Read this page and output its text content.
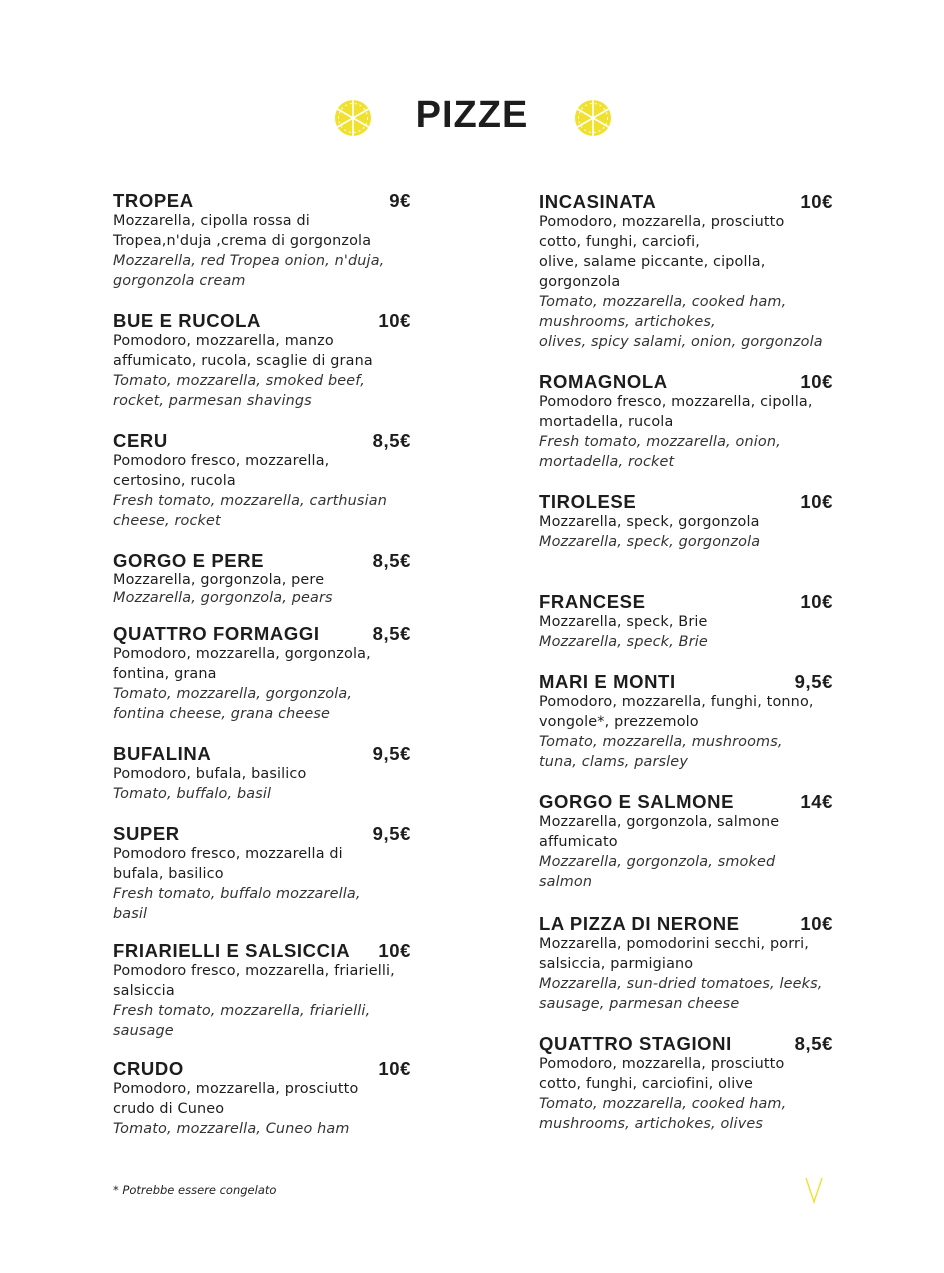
PIZZE
TROPEA	9€
Mozzarella, cipolla rossa di
Tropea,n'duja ,crema di gorgonzola
Mozzarella, red Tropea onion, n'duja,
gorgonzola cream
BUE E RUCOLA	10€
Pomodoro, mozzarella, manzo
affumicato, rucola, scaglie di grana
Tomato, mozzarella, smoked beef,
rocket, parmesan shavings
CERU	8,5€
Pomodoro fresco, mozzarella,
certosino, rucola
Fresh tomato, mozzarella, carthusian
cheese, rocket
GORGO E PERE	8,5€
Mozzarella, gorgonzola, pere
Mozzarella, gorgonzola, pears
QUATTRO FORMAGGI	8,5€
Pomodoro, mozzarella, gorgonzola,
fontina, grana
Tomato, mozzarella, gorgonzola,
fontina cheese, grana cheese
BUFALINA	9,5€
Pomodoro, bufala, basilico
Tomato, buffalo, basil
SUPER	9,5€
Pomodoro fresco, mozzarella di
bufala, basilico
Fresh tomato, buffalo mozzarella,
basil
FRIARIELLI E SALSICCIA 10€
Pomodoro fresco, mozzarella, friarielli,
salsiccia
Fresh tomato, mozzarella, friarielli,
sausage
CRUDO	10€
Pomodoro, mozzarella, prosciutto
crudo di Cuneo
Tomato, mozzarella, Cuneo ham
INCASINATA	10€
Pomodoro, mozzarella, prosciutto
cotto, funghi, carciofi,
olive, salame piccante, cipolla,
gorgonzola
Tomato, mozzarella, cooked ham,
mushrooms, artichokes,
olives, spicy salami, onion, gorgonzola
ROMAGNOLA	10€
Pomodoro fresco, mozzarella, cipolla,
mortadella, rucola
Fresh tomato, mozzarella, onion,
mortadella, rocket
TIROLESE	10€
Mozzarella, speck, gorgonzola
Mozzarella, speck, gorgonzola
FRANCESE	10€
Mozzarella, speck, Brie
Mozzarella, speck, Brie
MARI E MONTI	9,5€
Pomodoro, mozzarella, funghi, tonno,
vongole*, prezzemolo
Tomato, mozzarella, mushrooms,
tuna, clams, parsley
GORGO E SALMONE	14€
Mozzarella, gorgonzola, salmone
affumicato
Mozzarella, gorgonzola, smoked
salmon
LA PIZZA DI NERONE	10€
Mozzarella, pomodorini secchi, porri,
salsiccia, parmigiano
Mozzarella, sun-dried tomatoes, leeks,
sausage, parmesan cheese
QUATTRO STAGIONI	8,5€
Pomodoro, mozzarella, prosciutto
cotto, funghi, carciofini, olive
Tomato, mozzarella, cooked ham,
mushrooms, artichokes, olives
* Potrebbe essere congelato
